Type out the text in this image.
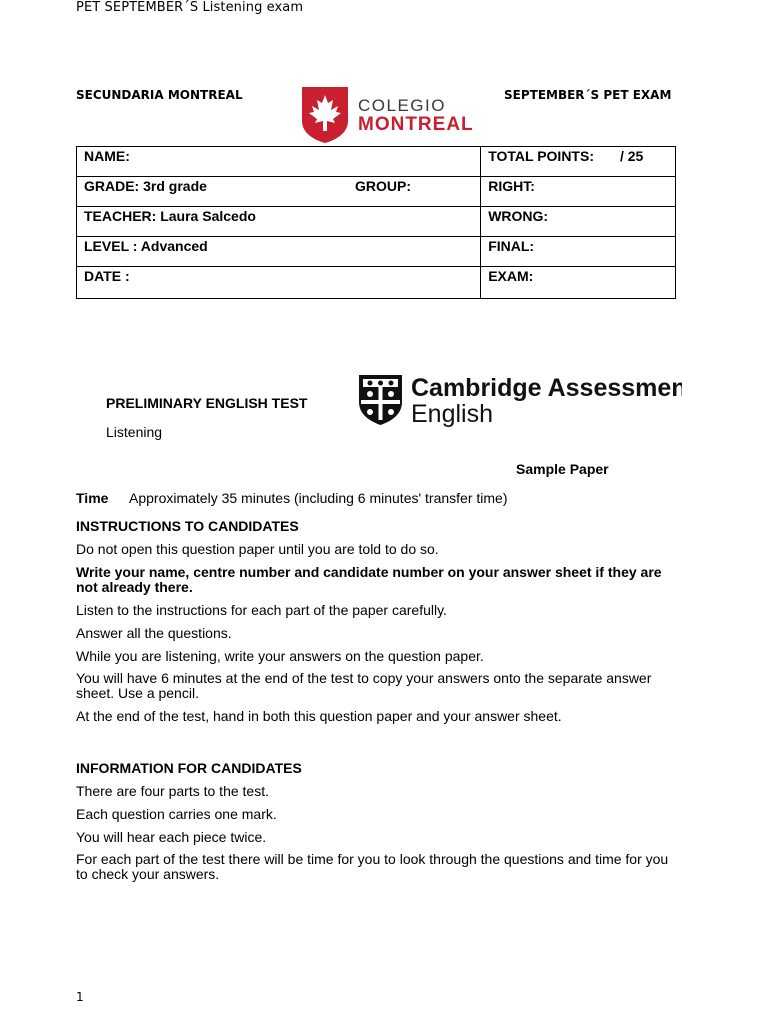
PET SEPTEMBER´S Listening exam
SECUNDARIA MONTREAL	SEPTEMBER´S PET EXAM
COLEGIO
MONTREAL
NAME:	TOTAL POINTS: / 25

GRADE: 3rd grade GROUP:	RIGHT:
TEACHER: Laura Salcedo	WRONG:
LEVEL : Advanced	FINAL:
DATE :	EXAM:
PRELIMINARY ENGLISH TEST
Listening
Cambridge Assessment
English
Sample Paper
Time Approximately 35 minutes (including 6 minutes' transfer time)
INSTRUCTIONS TO CANDIDATES
Do not open this question paper until you are told to do so.
Write your name, centre number and candidate number on your answer sheet if they are not already there.
Listen to the instructions for each part of the paper carefully.
Answer all the questions.
While you are listening, write your answers on the question paper.
You will have 6 minutes at the end of the test to copy your answers onto the separate answer sheet. Use a pencil.
At the end of the test, hand in both this question paper and your answer sheet.
INFORMATION FOR CANDIDATES
There are four parts to the test.
Each question carries one mark.
You will hear each piece twice.
For each part of the test there will be time for you to look through the questions and time for you to check your answers.
1
